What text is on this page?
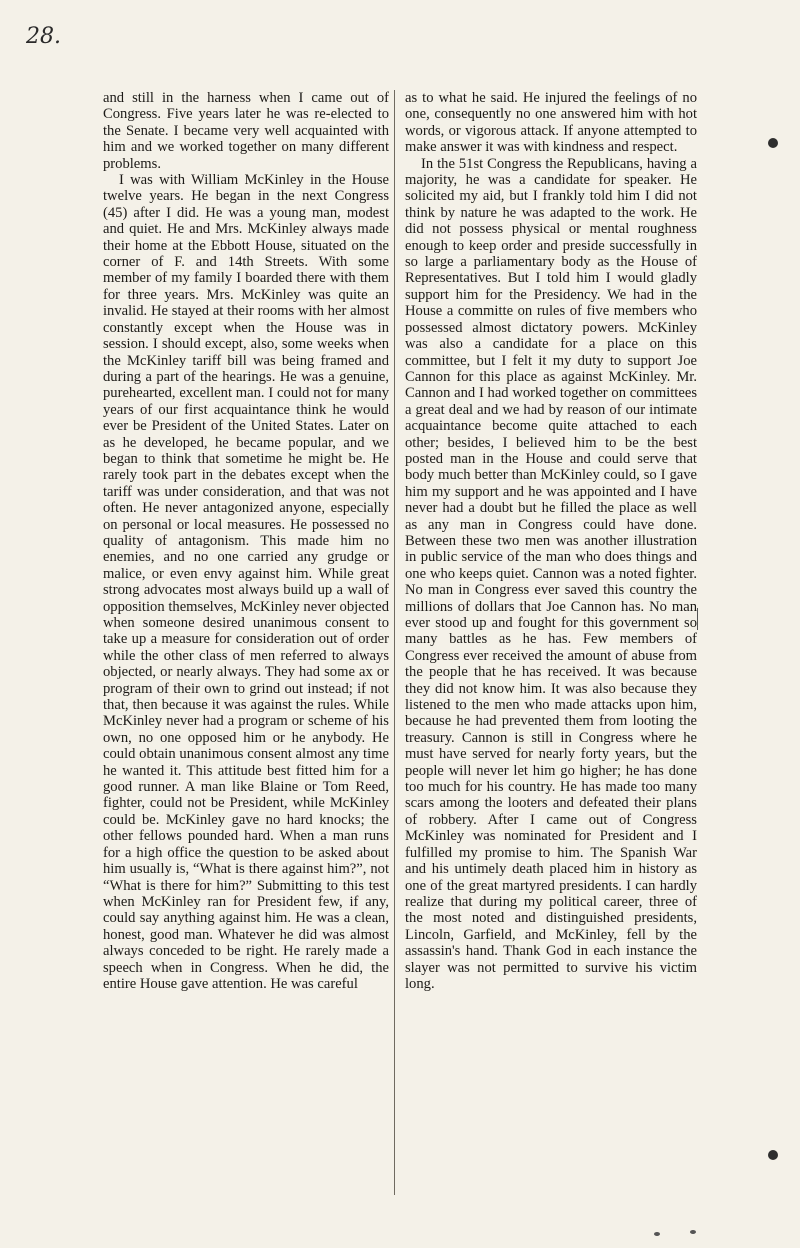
28.

and still in the harness when I came out of Congress. Five years later he was re-elected to the Senate. I became very well acquainted with him and we worked together on many different problems.

I was with William McKinley in the House twelve years. He began in the next Congress (45) after I did. He was a young man, modest and quiet. He and Mrs. McKinley always made their home at the Ebbott House, situated on the corner of F. and 14th Streets. With some member of my family I boarded there with them for three years. Mrs. McKinley was quite an invalid. He stayed at their rooms with her almost constantly except when the House was in session. I should except, also, some weeks when the McKinley tariff bill was being framed and during a part of the hearings. He was a genuine, purehearted, excellent man. I could not for many years of our first acquaintance think he would ever be President of the United States. Later on as he developed, he became popular, and we began to think that sometime he might be. He rarely took part in the debates except when the tariff was under consideration, and that was not often. He never antagonized anyone, especially on personal or local measures. He possessed no quality of antagonism. This made him no enemies, and no one carried any grudge or malice, or even envy against him. While great strong advocates most always build up a wall of opposition themselves, McKinley never objected when someone desired unanimous consent to take up a measure for consideration out of order while the other class of men referred to always objected, or nearly always. They had some ax or program of their own to grind out instead; if not that, then because it was against the rules. While McKinley never had a program or scheme of his own, no one opposed him or he anybody. He could obtain unanimous consent almost any time he wanted it. This attitude best fitted him for a good runner. A man like Blaine or Tom Reed, fighter, could not be President, while McKinley could be. McKinley gave no hard knocks; the other fellows pounded hard. When a man runs for a high office the question to be asked about him usually is, “What is there against him?”, not “What is there for him?” Submitting to this test when McKinley ran for President few, if any, could say anything against him. He was a clean, honest, good man. Whatever he did was almost always conceded to be right. He rarely made a speech when in Congress. When he did, the entire House gave attention. He was careful

as to what he said. He injured the feelings of no one, consequently no one answered him with hot words, or vigorous attack. If anyone attempted to make answer it was with kindness and respect.

In the 51st Congress the Republicans, having a majority, he was a candidate for speaker. He solicited my aid, but I frankly told him I did not think by nature he was adapted to the work. He did not possess physical or mental roughness enough to keep order and preside successfully in so large a parliamentary body as the House of Representatives. But I told him I would gladly support him for the Presidency. We had in the House a committe on rules of five members who possessed almost dictatory powers. McKinley was also a candidate for a place on this committee, but I felt it my duty to support Joe Cannon for this place as against McKinley. Mr. Cannon and I had worked together on committees a great deal and we had by reason of our intimate acquaintance become quite attached to each other; besides, I believed him to be the best posted man in the House and could serve that body much better than McKinley could, so I gave him my support and he was appointed and I have never had a doubt but he filled the place as well as any man in Congress could have done. Between these two men was another illustration in public service of the man who does things and one who keeps quiet. Cannon was a noted fighter. No man in Congress ever saved this country the millions of dollars that Joe Cannon has. No man ever stood up and fought for this government so many battles as he has. Few members of Congress ever received the amount of abuse from the people that he has received. It was because they did not know him. It was also because they listened to the men who made attacks upon him, because he had prevented them from looting the treasury. Cannon is still in Congress where he must have served for nearly forty years, but the people will never let him go higher; he has done too much for his country. He has made too many scars among the looters and defeated their plans of robbery. After I came out of Congress McKinley was nominated for President and I fulfilled my promise to him. The Spanish War and his untimely death placed him in history as one of the great martyred presidents. I can hardly realize that during my political career, three of the most noted and distinguished presidents, Lincoln, Garfield, and McKinley, fell by the assassin's hand. Thank God in each instance the slayer was not permitted to survive his victim long.
